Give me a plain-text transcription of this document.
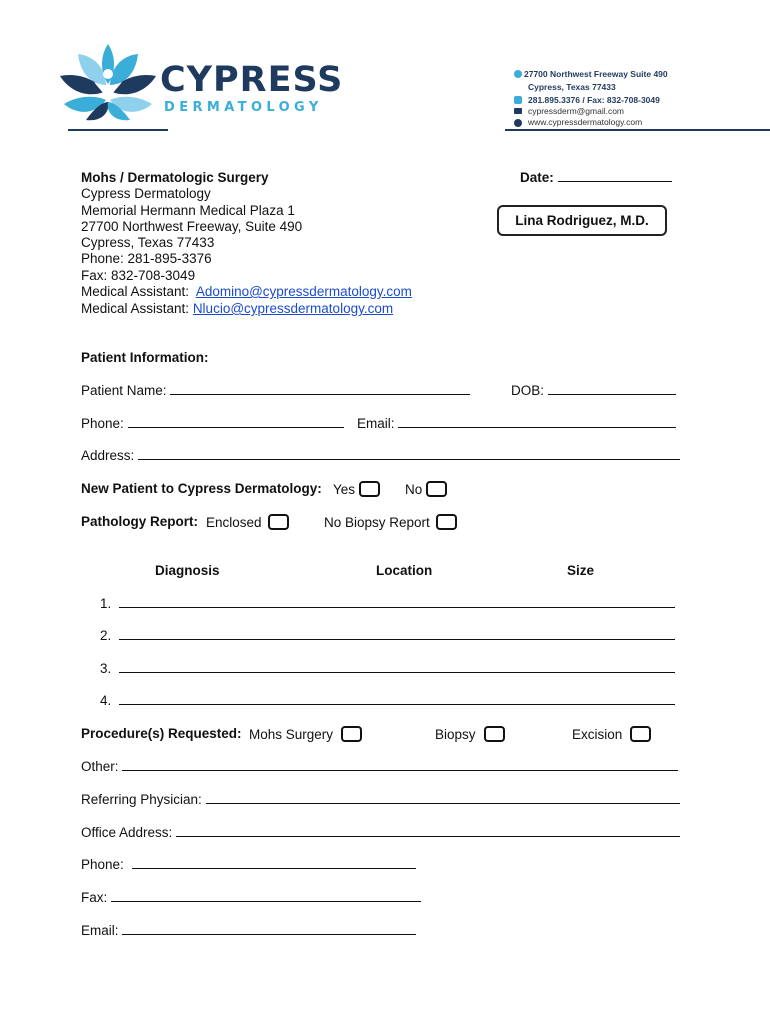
CYPRESS
DERMATOLOGY
27700 Northwest Freeway Suite 490
Cypress, Texas 77433
281.895.3376 / Fax: 832-708-3049
cypressderm@gmail.com
www.cypressdermatology.com
Mohs / Dermatologic Surgery
Cypress Dermatology
Memorial Hermann Medical Plaza 1
27700 Northwest Freeway, Suite 490
Cypress, Texas 77433
Phone: 281-895-3376
Fax: 832-708-3049
Medical Assistant: Adomino@cypressdermatology.com
Medical Assistant: Nlucio@cypressdermatology.com
Date:
Lina Rodriguez, M.D.
Patient Information:
Patient Name:	DOB:
Phone:	Email:
Address:
New Patient to Cypress Dermatology: Yes	No
Pathology Report: Enclosed	No Biopsy Report
Diagnosis	Location	Size
1.
2.
3.
4.
Procedure(s) Requested: Mohs Surgery	Biopsy	Excision
Other:
Referring Physician:
Office Address:
Phone:
Fax:
Email:
